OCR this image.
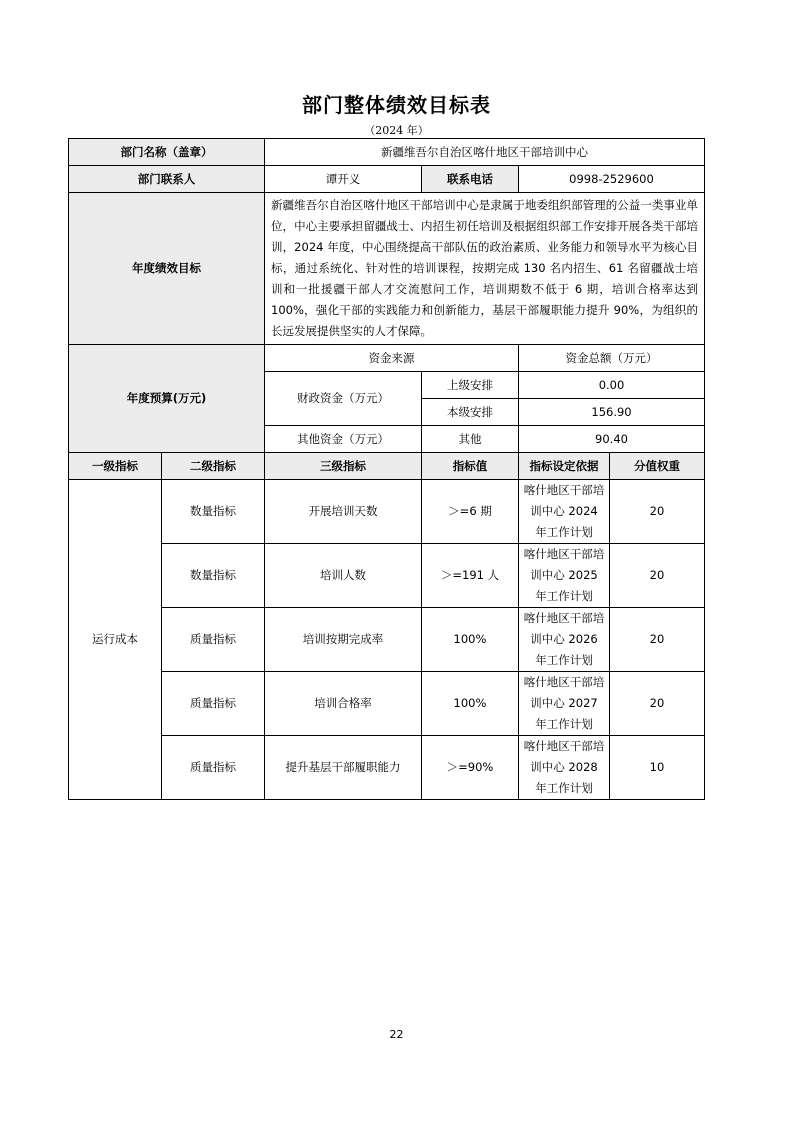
部门整体绩效目标表
（2024 年）
部门名称（盖章）		新疆维吾尔自治区喀什地区干部培训中心			
部门联系人		谭开义	联系电话	0998-2529600	
年度绩效目标		新疆维吾尔自治区喀什地区干部培训中心是隶属于地委组织部管理的公益一类事业单位，中心主要承担留疆战士、内招生初任培训及根据组织部工作安排开展各类干部培训，2024 年度，中心围绕提高干部队伍的政治素质、业务能力和领导水平为核心目标，通过系统化、针对性的培训课程，按期完成 130 名内招生、61 名留疆战士培训和一批援疆干部人才交流慰问工作，培训期数不低于 6 期，培训合格率达到 100%，强化干部的实践能力和创新能力，基层干部履职能力提升 90%，为组织的长远发展提供坚实的人才保障。			
年度预算(万元)		资金来源		资金总额（万元）	
		财政资金（万元）	上级安排	0.00	
			本级安排	156.90	
		其他资金（万元）	其他	90.40	
一级指标	二级指标	三级指标	指标值	指标设定依据	分值权重
运行成本	数量指标	开展培训天数	＞=6 期	喀什地区干部培训中心 2024 年工作计划	20
	数量指标	培训人数	＞=191 人	喀什地区干部培训中心 2025 年工作计划	20
	质量指标	培训按期完成率	100%	喀什地区干部培训中心 2026 年工作计划	20
	质量指标	培训合格率	100%	喀什地区干部培训中心 2027 年工作计划	20
	质量指标	提升基层干部履职能力	＞=90%	喀什地区干部培训中心 2028 年工作计划	10
22
